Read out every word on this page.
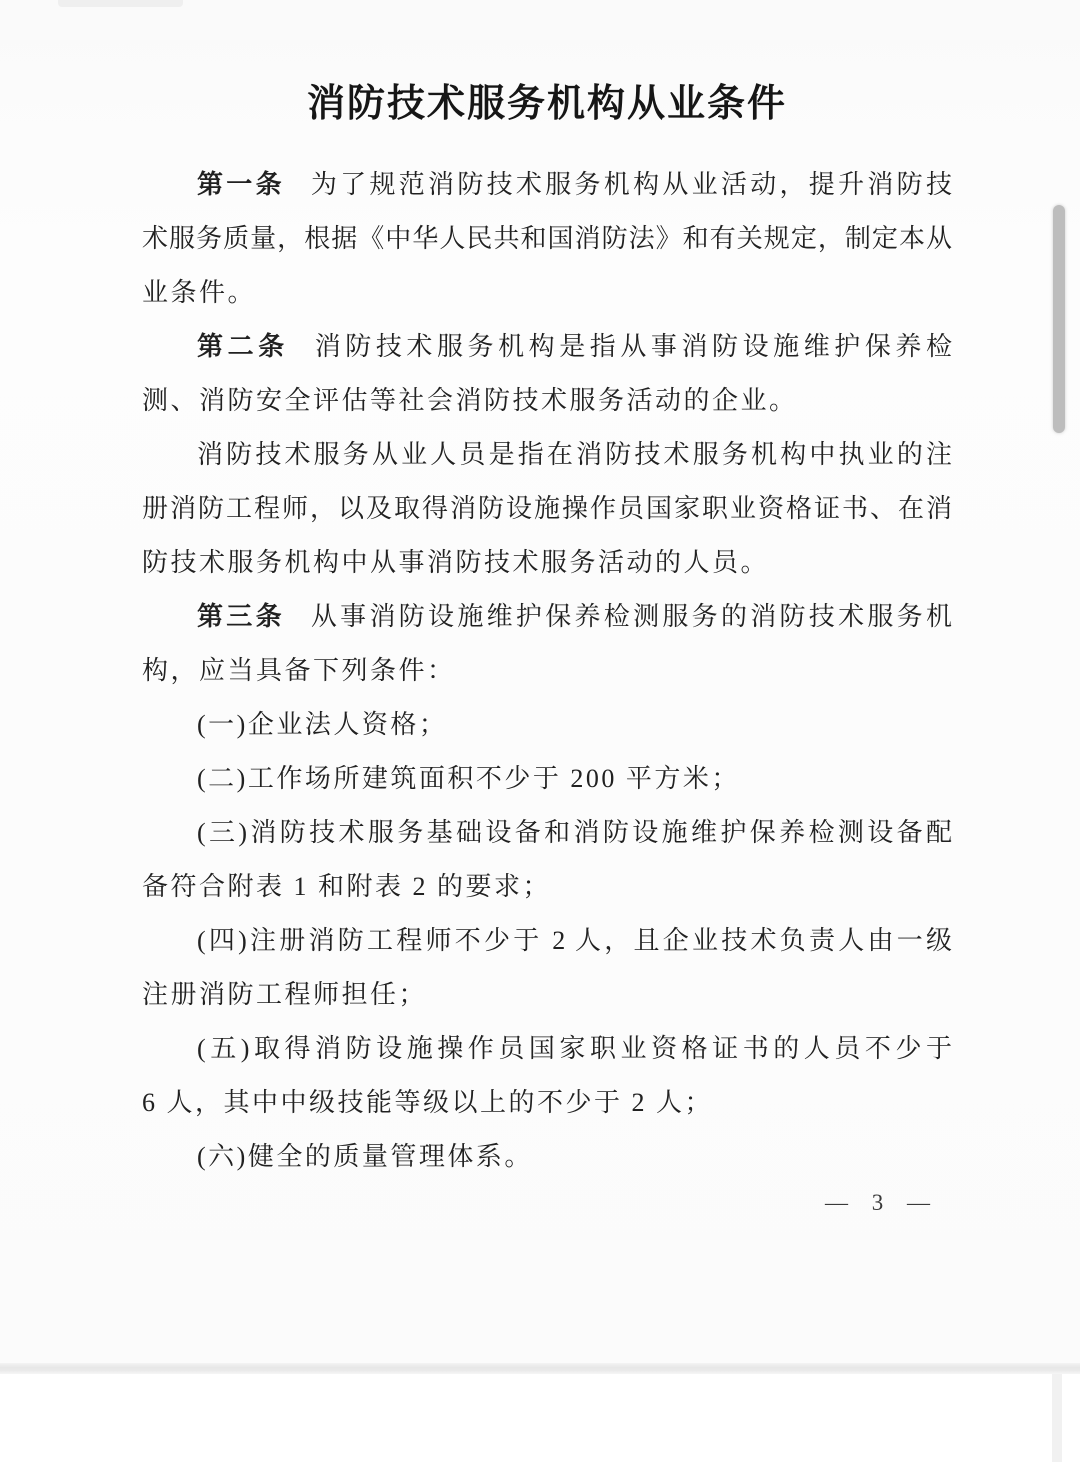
消防技术服务机构从业条件
第一条 为了规范消防技术服务机构从业活动，提升消防技
术服务质量，根据《中华人民共和国消防法》和有关规定，制定本从
业条件。
第二条 消防技术服务机构是指从事消防设施维护保养检
测、消防安全评估等社会消防技术服务活动的企业。
消防技术服务从业人员是指在消防技术服务机构中执业的注
册消防工程师，以及取得消防设施操作员国家职业资格证书、在消
防技术服务机构中从事消防技术服务活动的人员。
第三条 从事消防设施维护保养检测服务的消防技术服务机
构，应当具备下列条件：
(一)企业法人资格；
(二)工作场所建筑面积不少于 200 平方米；
(三)消防技术服务基础设备和消防设施维护保养检测设备配
备符合附表 1 和附表 2 的要求；
(四)注册消防工程师不少于 2 人，且企业技术负责人由一级
注册消防工程师担任；
(五)取得消防设施操作员国家职业资格证书的人员不少于
6 人，其中中级技能等级以上的不少于 2 人；
(六)健全的质量管理体系。
— 3 —
